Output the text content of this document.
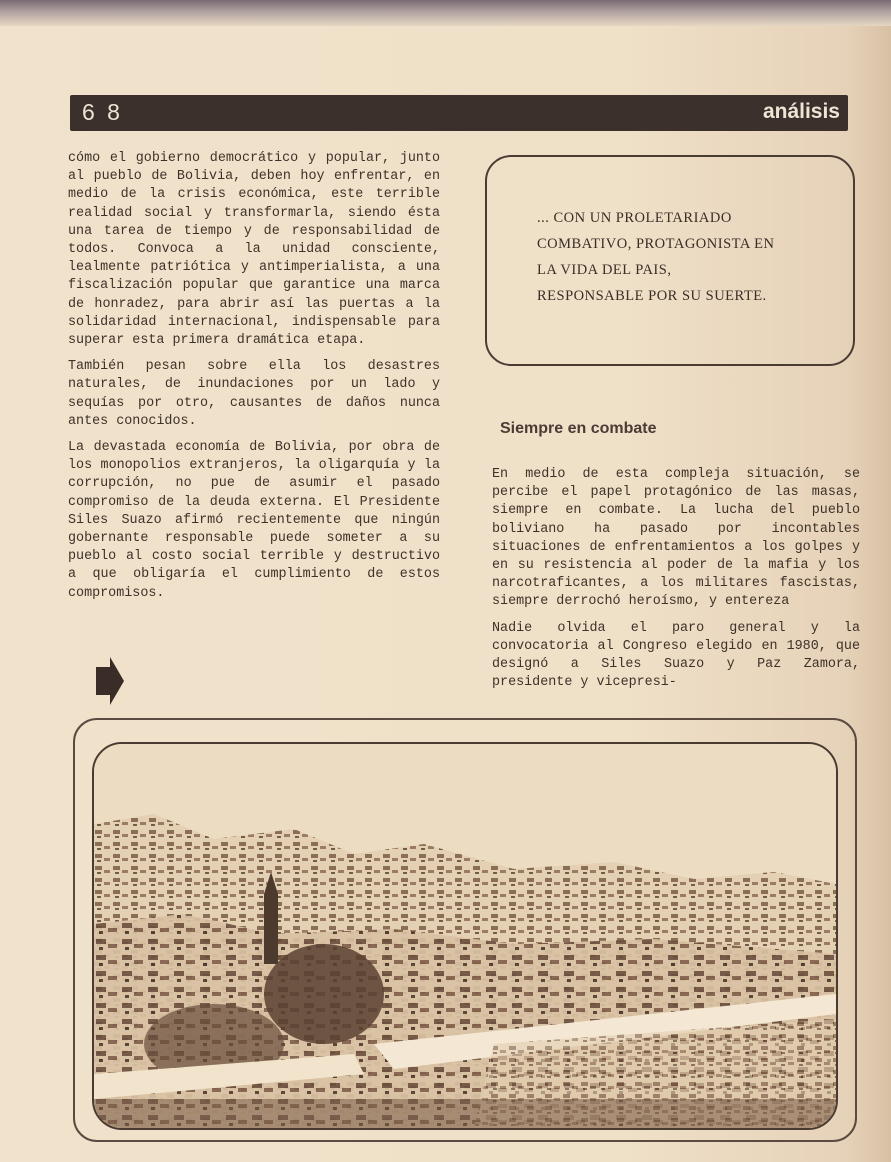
6 8	análisis

cómo el gobierno democrático y popular, junto al pueblo de Bolivia, deben hoy enfrentar, en medio de la crisis económica, este terrible realidad social y transformarla, siendo ésta una tarea de tiempo y de responsabilidad de todos. Convoca a la unidad consciente, lealmente patriótica y antimperialista, a una fiscalización popular que garantice una marca de honradez, para abrir así las puertas a la solidaridad internacional, indispensable para superar esta primera dramática etapa.

También pesan sobre ella los desastres naturales, de inundaciones por un lado y sequías por otro, causantes de daños nunca antes conocidos.

La devastada economía de Bolivia, por obra de los monopolios extranjeros, la oligarquía y la corrupción, no pue de asumir el pasado compromiso de la deuda externa. El Presidente Siles Suazo afirmó recientemente que ningún gobernante responsable puede someter a su pueblo al costo social terrible y destructivo a que obligaría el cumplimiento de estos compromisos.

... CON UN PROLETARIADO
COMBATIVO, PROTAGONISTA EN
LA VIDA DEL PAIS,
RESPONSABLE POR SU SUERTE.
Siempre en combate

En medio de esta compleja situación, se percibe el papel protagónico de las masas, siempre en combate. La lucha del pueblo boliviano ha pasado por incontables situaciones de enfrentamientos a los golpes y en su resistencia al poder de la mafia y los narcotraficantes, a los militares fascistas, siempre derrochó heroísmo, y entereza

Nadie olvida el paro general y la convocatoria al Congreso elegido en 1980, que designó a Siles Suazo y Paz Zamora, presidente y vicepresi-
